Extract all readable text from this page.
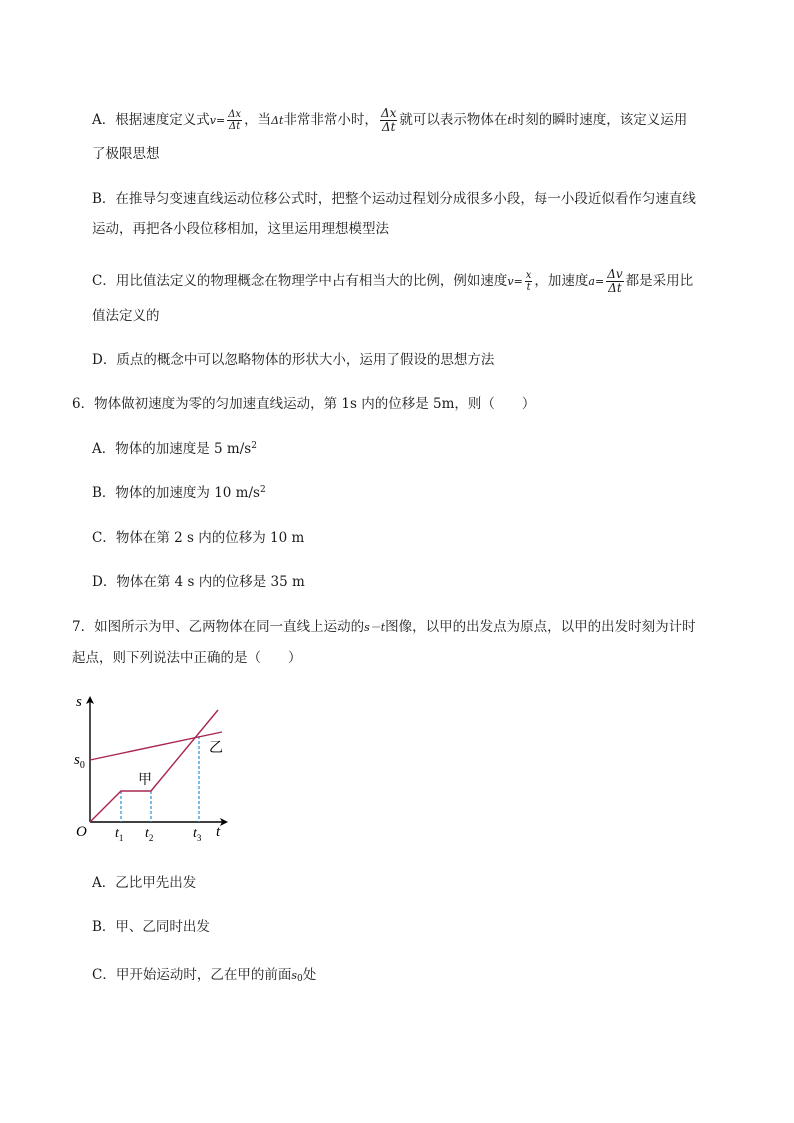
A．根据速度定义式$v= \frac{\Delta x}{\Delta t}$ ，当Δt非常非常小时， $\frac{\Delta x}{\Delta t}$ 就可以表示物体在t时刻的瞬时速度，该定义运用
了极限思想
B．在推导匀变速直线运动位移公式时，把整个运动过程划分成很多小段，每一小段近似看作匀速直线
运动，再把各小段位移相加，这里运用理想模型法
C．用比值法定义的物理概念在物理学中占有相当大的比例，例如速度$v= \frac{x}{t}$ ，加速度$a= \frac{\Delta v}{\Delta t}$ 都是采用比
值法定义的
D．质点的概念中可以忽略物体的形状大小，运用了假设的思想方法
6．物体做初速度为零的匀加速直线运动，第 1s 内的位移是 5m，则（　　）
A．物体的加速度是 5 $m/s^2$
B．物体的加速度为 10 $m/s^2$
C．物体在第 2 s 内的位移为 10 m
D．物体在第 4 s 内的位移是 35 m
7．如图所示为甲、乙两物体在同一直线上运动的s－t图像，以甲的出发点为原点，以甲的出发时刻为计时
起点，则下列说法中正确的是（　　）
s
t
O
$s_0$
$t_1$ $t_2$	$t_3$
甲
乙
A．乙比甲先出发
B．甲、乙同时出发
C．甲开始运动时，乙在甲的前面$s_0$处
